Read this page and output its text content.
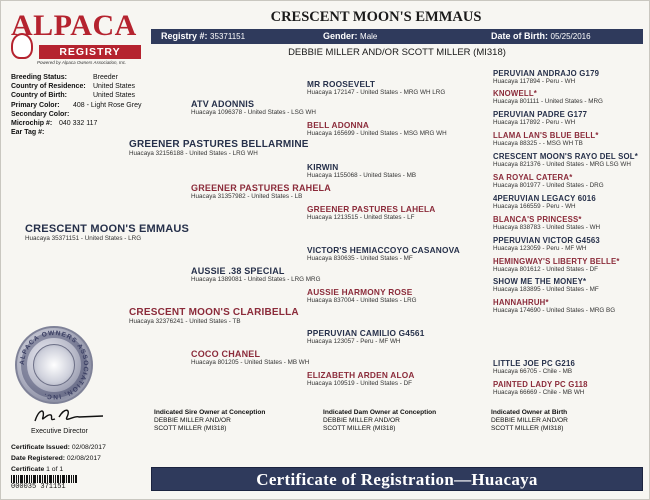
ALPACA
REGISTRY
Powered by Alpaca Owners Association, Inc.
CRESCENT MOON'S EMMAUS
Registry #: 35371151	Gender: Male	Date of Birth: 05/25/2016
DEBBIE MILLER AND/OR SCOTT MILLER (MI318)
Breeding Status:	Breeder
Country of Residence: United States
Country of Birth:	United States
Primary Color: 408 - Light Rose Grey
Secondary Color:
Microchip #: 040 332 117
Ear Tag #:
CRESCENT MOON'S EMMAUS
Huacaya 35371151 - United States - LRG
GREENER PASTURES BELLARMINE
Huacaya 32156188 - United States - LRG WH
CRESCENT MOON'S CLARIBELLA
Huacaya 32376241 - United States - TB
ATV ADONNIS
Huacaya 1096378 - United States - LSG WH
GREENER PASTURES RAHELA
Huacaya 31357982 - United States - LB
AUSSIE .38 SPECIAL
Huacaya 1389081 - United States - LRG MRG
COCO CHANEL
Huacaya 801205 - United States - MB WH
MR ROOSEVELT
Huacaya 172147 - United States - MRG WH LRG
BELL ADONNA
Huacaya 165699 - United States - MSG MRG WH
KIRWIN
Huacaya 1155068 - United States - MB
GREENER PASTURES LAHELA
Huacaya 1213515 - United States - LF
VICTOR'S HEMIACCOYO CASANOVA
Huacaya 830635 - United States - MF
AUSSIE HARMONY ROSE
Huacaya 837004 - United States - LRG
PPERUVIAN CAMILIO G4561
Huacaya 123057 - Peru - MF WH
ELIZABETH ARDEN ALOA
Huacaya 109519 - United States - DF
PERUVIAN ANDRAJO G179
Huacaya 117894 - Peru - WH
KNOWELL*
Huacaya 801111 - United States - MRG
PERUVIAN PADRE G177
Huacaya 117892 - Peru - WH
LLAMA LAN'S BLUE BELL*
Huacaya 88325 - - MSG WH TB
CRESCENT MOON'S RAYO DEL SOL*
Huacaya 821376 - United States - MRG LSG WH
SA ROYAL CATERA*
Huacaya 801977 - United States - DRG
4PERUVIAN LEGACY 6016
Huacaya 166559 - Peru - WH
BLANCA'S PRINCESS*
Huacaya 838783 - United States - WH
PPERUVIAN VICTOR G4563
Huacaya 123059 - Peru - MF WH
HEMINGWAY'S LIBERTY BELLE*
Huacaya 801612 - United States - DF
SHOW ME THE MONEY*
Huacaya 183895 - United States - MF
HANNAHRUH*
Huacaya 174690 - United States - MRG BG
LITTLE JOE PC G216
Huacaya 66705 - Chile - MB
PAINTED LADY PC G118
Huacaya 66669 - Chile - MB WH
ALPACA OWNERS ASSOCIATION, INC.
Executive Director
Certificate Issued: 02/08/2017
Date Registered: 02/08/2017
Certificate 1 of 1
000035 371151
Indicated Sire Owner at Conception
DEBBIE MILLER AND/OR
SCOTT MILLER (MI318)
Indicated Dam Owner at Conception
DEBBIE MILLER AND/OR
SCOTT MILLER (MI318)
Indicated Owner at Birth
DEBBIE MILLER AND/OR
SCOTT MILLER (MI318)
Certificate of Registration—Huacaya
